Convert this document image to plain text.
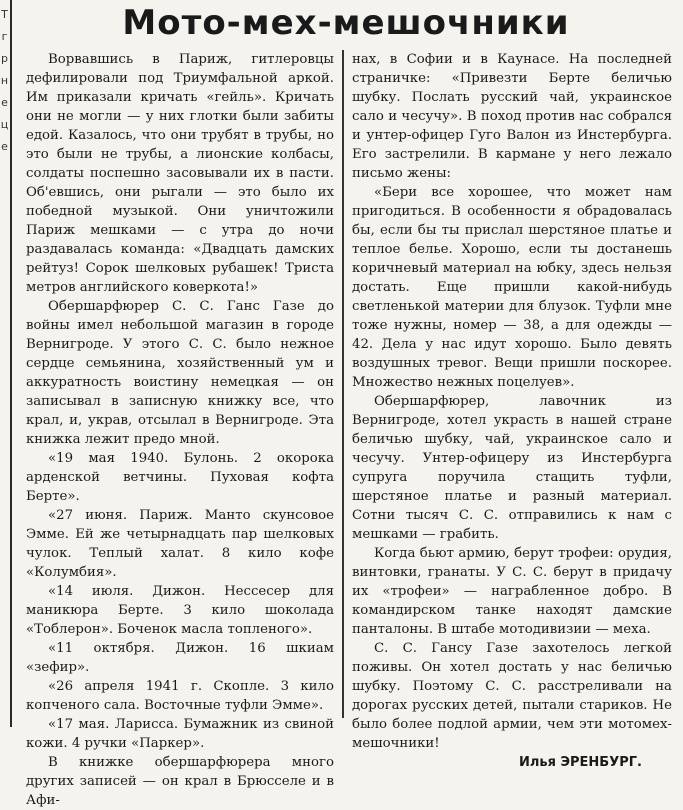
Т
г
р
н
е
ц
е
Мото-мех-мешочники

Ворвавшись в Париж, гитлеровцы дефилировали под Триумфальной аркой. Им приказали кричать «гейль». Кричать они не могли — у них глотки были забиты едой. Казалось, что они трубят в трубы, но это были не трубы, а лионские колбасы, солдаты поспешно засовывали их в пасти. Об'евшись, они рыгали — это было их победной музыкой. Они уничтожили Париж мешками — с утра до ночи раздавалась команда: «Двадцать дамских рейтуз! Сорок шелковых рубашек! Триста метров английского коверкота!»

Обершарфюрер С. С. Ганс Газе до войны имел небольшой магазин в городе Вернигроде. У этого С. С. было нежное сердце семьянина, хозяйственный ум и аккуратность воистину немецкая — он записывал в записную книжку все, что крал, и, украв, отсылал в Вернигроде. Эта книжка лежит предо мной.

«19 мая 1940. Булонь. 2 окорока арденской ветчины. Пуховая кофта Берте».

«27 июня. Париж. Манто скунсовое Эмме. Ей же четырнадцать пар шелковых чулок. Теплый халат. 8 кило кофе «Колумбия».

«14 июля. Дижон. Нессесер для маникюра Берте. 3 кило шоколада «Тоблерон». Боченок масла топленого».

«11 октября. Дижон. 16 шкиам «зефир».

«26 апреля 1941 г. Скопле. 3 кило копченого сала. Восточные туфли Эмме».

«17 мая. Ларисса. Бумажник из свиной кожи. 4 ручки «Паркер».

В книжке обершарфюрера много других записей — он крал в Брюсселе и в Афи-

нах, в Софии и в Каунасе. На последней страничке: «Привезти Берте беличью шубку. Послать русский чай, украинское сало и чесучу». В поход против нас собрался и унтер-офицер Гуго Валон из Инстербурга. Его застрелили. В кармане у него лежало письмо жены:

«Бери все хорошее, что может нам пригодиться. В особенности я обрадовалась бы, если бы ты прислал шерстяное платье и теплое белье. Хорошо, если ты достанешь коричневый материал на юбку, здесь нельзя достать. Еще пришли какой-нибудь светленькой материи для блузок. Туфли мне тоже нужны, номер — 38, а для одежды — 42. Дела у нас идут хорошо. Было девять воздушных тревог. Вещи пришли поскорее. Множество нежных поцелуев».

Обершарфюрер, лавочник из Вернигроде, хотел украсть в нашей стране беличью шубку, чай, украинское сало и чесучу. Унтер-офицеру из Инстербурга супруга поручила стащить туфли, шерстяное платье и разный материал. Сотни тысяч С. С. отправились к нам с мешками — грабить.

Когда бьют армию, берут трофеи: орудия, винтовки, гранаты. У С. С. берут в придачу их «трофеи» — награбленное добро. В командирском танке находят дамские панталоны. В штабе мотодивизии — меха.

С. С. Гансу Газе захотелось легкой поживы. Он хотел достать у нас беличью шубку. Поэтому С. С. расстреливали на дорогах русских детей, пытали стариков. Не было более подлой армии, чем эти мотомех-мешочники!

Илья ЭРЕНБУРГ.
